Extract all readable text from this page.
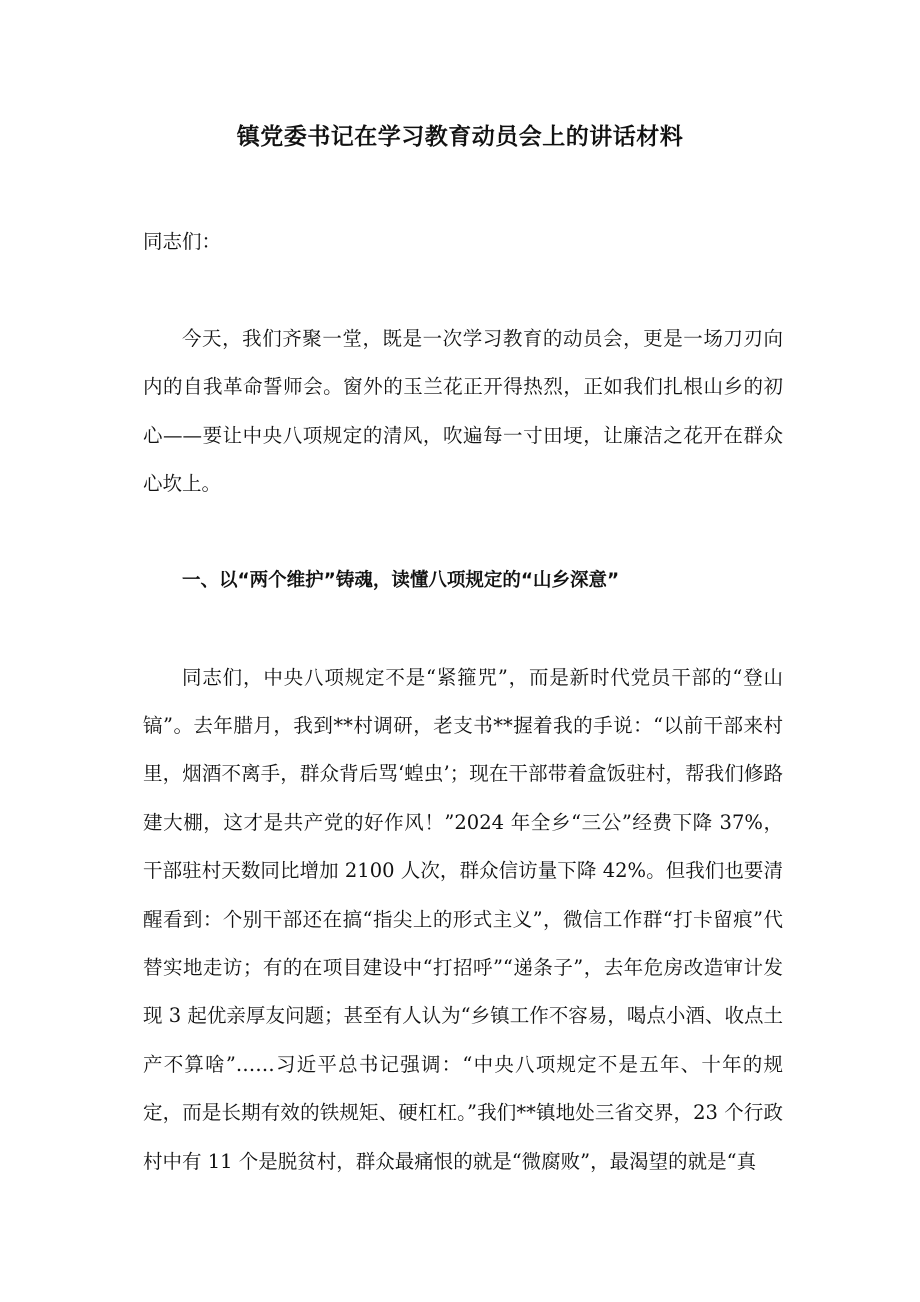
镇党委书记在学习教育动员会上的讲话材料

同志们：

今天，我们齐聚一堂，既是一次学习教育的动员会，更是一场刀刃向内的自我革命誓师会。窗外的玉兰花正开得热烈，正如我们扎根山乡的初心——要让中央八项规定的清风，吹遍每一寸田埂，让廉洁之花开在群众心坎上。

一、以“两个维护”铸魂，读懂八项规定的“山乡深意”

同志们，中央八项规定不是“紧箍咒”，而是新时代党员干部的“登山镐”。去年腊月，我到**村调研，老支书**握着我的手说：“以前干部来村里，烟酒不离手，群众背后骂‘蝗虫’；现在干部带着盒饭驻村，帮我们修路建大棚，这才是共产党的好作风！”2024 年全乡“三公”经费下降 37%，干部驻村天数同比增加 2100 人次，群众信访量下降 42%。但我们也要清醒看到：个别干部还在搞“指尖上的形式主义”，微信工作群“打卡留痕”代替实地走访；有的在项目建设中“打招呼”“递条子”，去年危房改造审计发现 3 起优亲厚友问题；甚至有人认为“乡镇工作不容易，喝点小酒、收点土产不算啥”……习近平总书记强调：“中央八项规定不是五年、十年的规定，而是长期有效的铁规矩、硬杠杠。”我们**镇地处三省交界，23 个行政村中有 11 个是脱贫村，群众最痛恨的就是“微腐败”，最渴望的就是“真
